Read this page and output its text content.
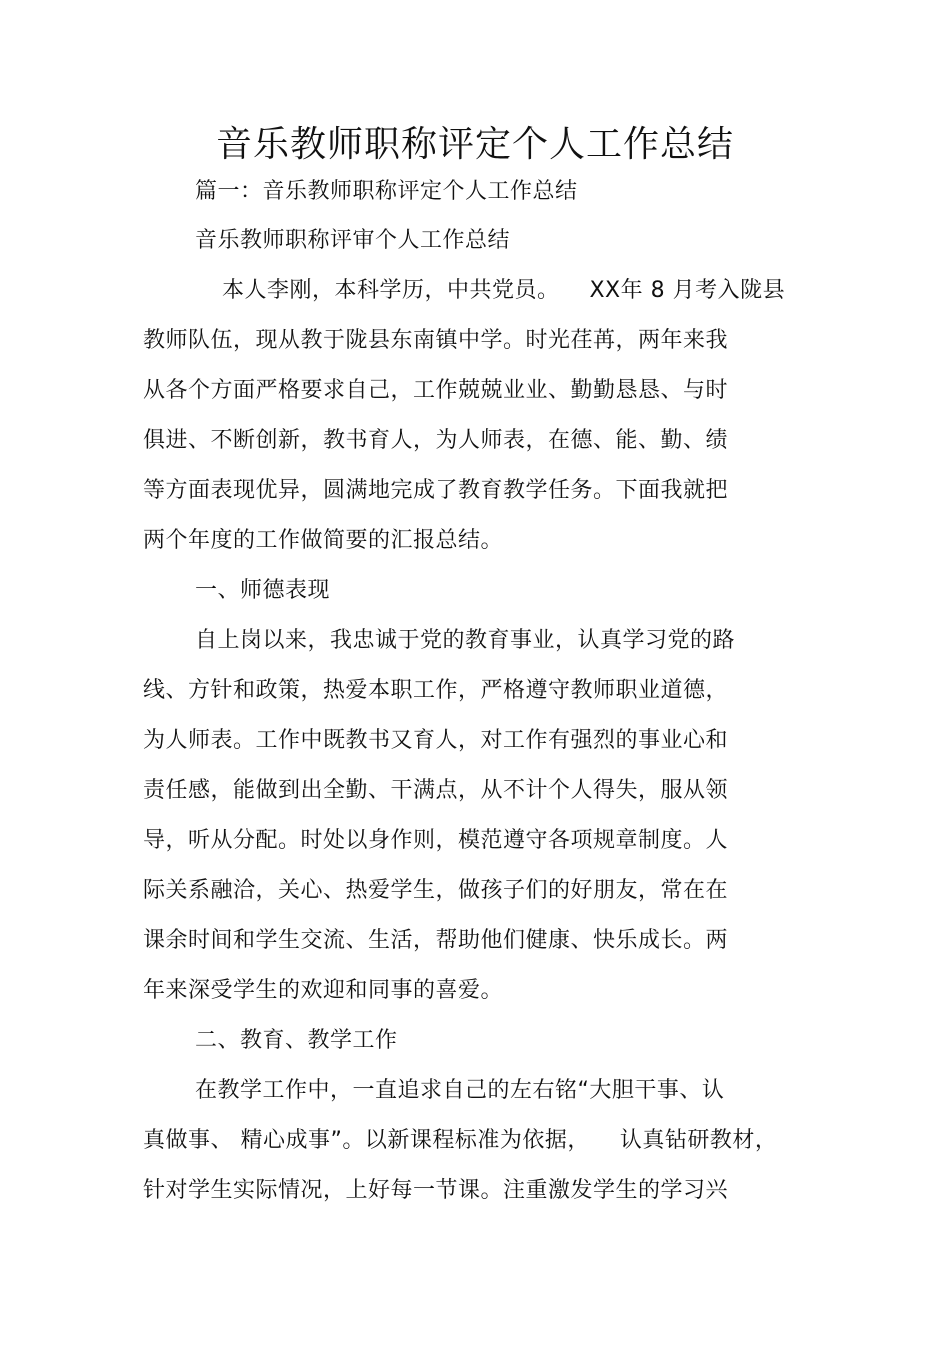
音乐教师职称评定个人工作总结

篇一：音乐教师职称评定个人工作总结

音乐教师职称评审个人工作总结

本人李刚，本科学历，中共党员。    XX年 8 月考入陇县

教师队伍，现从教于陇县东南镇中学。时光荏苒，两年来我

从各个方面严格要求自己，工作兢兢业业、勤勤恳恳、与时

俱进、不断创新，教书育人，为人师表，在德、能、勤、绩

等方面表现优异，圆满地完成了教育教学任务。下面我就把

两个年度的工作做简要的汇报总结。

一、师德表现

自上岗以来，我忠诚于党的教育事业，认真学习党的路

线、方针和政策，热爱本职工作，严格遵守教师职业道德，

为人师表。工作中既教书又育人，对工作有强烈的事业心和

责任感，能做到出全勤、干满点，从不计个人得失，服从领

导，听从分配。时处以身作则，模范遵守各项规章制度。人

际关系融洽，关心、热爱学生，做孩子们的好朋友，常在在

课余时间和学生交流、生活，帮助他们健康、快乐成长。两

年来深受学生的欢迎和同事的喜爱。

二、教育、教学工作

在教学工作中，一直追求自己的左右铭“大胆干事、认

真做事、 精心成事”。以新课程标准为依据，    认真钻研教材，

针对学生实际情况，上好每一节课。注重激发学生的学习兴
